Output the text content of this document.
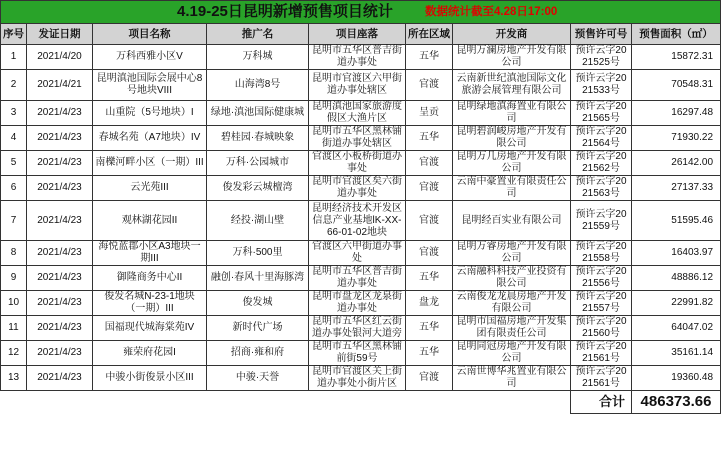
4.19-25日昆明新增预售项目统计 数据统计截至4.28日17:00								

序号	发证日期	项目名称	推广名	项目座落	所在区域	开发商	预售许可号	预售面积（㎡）
1	2021/4/20	万科西雅小区V	万科城	昆明市五华区普吉街道办事处	五华	昆明万澜房地产开发有限公司	预许云字2021525号	15872.31
2	2021/4/21	昆明滇池国际会展中心8号地块VIII	山海湾8号	昆明市官渡区六甲街道办事处辖区	官渡	云南新世纪滇池国际文化旅游会展管理有限公司	预许云字2021533号	70548.31
3	2021/4/23	山重院（5号地块）I	绿地·滇池国际健康城	昆明滇池国家旅游度假区大渔片区	呈贡	昆明绿地滇海置业有限公司	预许云字2021565号	16297.48
4	2021/4/23	春城名苑（A7地块）IV	碧桂园·春城映象	昆明市五华区黑林铺街道办事处辖区	五华	昆明碧润峻房地产开发有限公司	预许云字2021564号	71930.22
5	2021/4/23	南櫟河畔小区（一期）III	万科·公园城市	官渡区小板桥街道办事处	官渡	昆明万几房地产开发有限公司	预许云字2021562号	26142.00
6	2021/4/23	云光苑III	俊发彩云城檀湾	昆明市官渡区矣六街道办事处	官渡	云南中豪置业有限责任公司	预许云字2021563号	27137.33
7	2021/4/23	观林湖花园II	经投·湖山壁	昆明经济技术开发区信息产业基地lK-XX-66-01-02地块	官渡	昆明经百实业有限公司	预许云字2021559号	51595.46
8	2021/4/23	海悦蓝郡小区A3地块一期III	万科·500里	官渡区六甲街道办事处	官渡	昆明万睿房地产开发有限公司	预许云字2021558号	16403.97
9	2021/4/23	御隆商务中心II	融创·春风十里海豚湾	昆明市五华区普吉街道办事处	五华	云南融科科技产业投资有限公司	预许云字2021556号	48886.12
10	2021/4/23	俊发名城N-23-1地块（一期）III	俊发城	昆明市盘龙区龙泉街道办事处	盘龙	云南俊龙龙晨房地产开发有限公司	预许云字2021557号	22991.82
11	2021/4/23	国福现代城海棠苑IV	新时代广场	昆明市五华区红云街道办事处银河大道旁	五华	昆明市国福房地产开发集团有限责任公司	预许云字2021560号	64047.02
12	2021/4/23	雍荣府花园I	招商·雍和府	昆明市五华区黑林铺前街59号	五华	昆明同冠房地产开发有限公司	预许云字2021561号	35161.14
13	2021/4/23	中骏小街俊景小区III	中骏·天誉	昆明市官渡区关上街道办事处小街片区	官渡	云南世博华兆置业有限公司	预许云字2021561号	19360.48
							合计	486373.66
